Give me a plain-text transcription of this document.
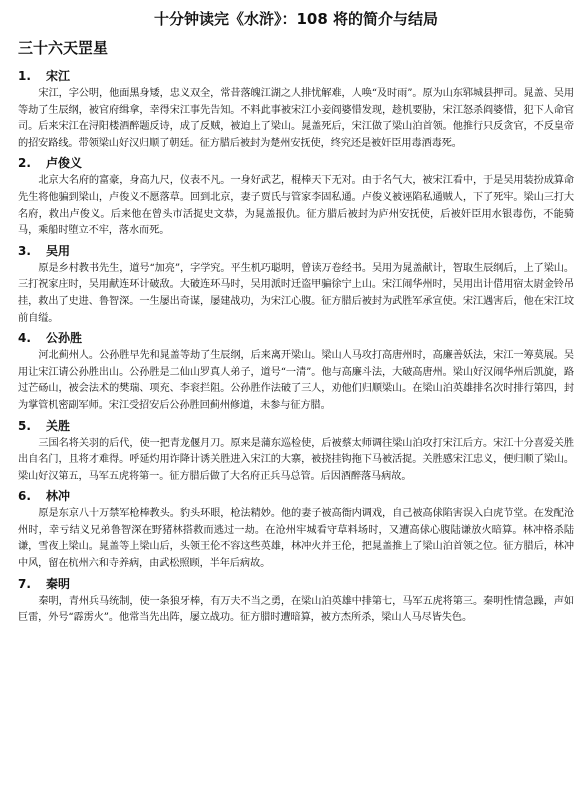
十分钟读完《水浒》：108 将的简介与结局
三十六天罡星
1. 宋江
宋江，字公明，他面黑身矮，忠义双全，常昔落魄江湖之人排忧解难，人唤“及时雨”。原为山东郓城县押司。晁盖、吴用等劫了生辰纲，被官府缉拿，幸得宋江事先告知。不料此事被宋江小妾阎婆惜发现，趁机要胁，宋江怒杀阎婆惜，犯下人命官司。后来宋江在浔阳楼酒醉题反诗，成了反贼，被迫上了梁山。晁盖死后，宋江做了梁山泊首领。他推行只反贪官，不反皇帝的招安路线。带领梁山好汉归顺了朝廷。征方腊后被封为楚州安抚使，终究还是被奸臣用毒酒毒死。
2. 卢俊义
北京大名府的富豪，身高九尺，仪表不凡。一身好武艺，棍棒天下无对。由于名气大，被宋江看中，于是吴用装扮成算命先生将他骗到梁山，卢俊义不愿落草。回到北京，妻子贾氏与管家李固私通。卢俊义被诬陷私通贼人，下了死牢。梁山三打大名府，救出卢俊义。后来他在曾头市活捉史文恭，为晁盖报仇。征方腊后被封为庐州安抚使，后被奸臣用水银毒伤，不能骑马，乘船时堕立不牢，落水而死。
3. 吴用
原是乡村教书先生，道号“加亮”，字学究。平生机巧聪明，曾读万卷经书。吴用为晁盖献计，智取生辰纲后，上了梁山。三打祝家庄时，吴用献连环计破敌。大破连环马时，吴用派时迁盗甲骗徐宁上山。宋江闹华州时，吴用出计借用宿太尉金铃吊挂，救出了史进、鲁智深。一生屡出奇谋，屡建战功，为宋江心腹。征方腊后被封为武胜军承宣使。宋江遇害后，他在宋江坟前自缢。
4. 公孙胜
河北蓟州人。公孙胜早先和晁盖等劫了生辰纲，后来离开梁山。梁山人马攻打高唐州时，高廉善妖法，宋江一筹莫展。吴用让宋江请公孙胜出山。公孙胜是二仙山罗真人弟子，道号“一清”。他与高廉斗法，大破高唐州。梁山好汉闹华州后凯旋，路过芒砀山，被会法术的樊瑞、项充、李衮拦阻。公孙胜作法破了三人，劝他们归顺梁山。在梁山泊英雄排名次时排行第四，封为掌管机密副军师。宋江受招安后公孙胜回蓟州修道，未参与征方腊。
5. 关胜
三国名将关羽的后代，使一把青龙偃月刀。原来是蒲东巡检使，后被蔡太师调往梁山泊攻打宋江后方。宋江十分喜爱关胜出自名门，且将才难得。呼延灼用诈降计诱关胜进入宋江的大寨，被挠挂钩拖下马被活捉。关胜感宋江忠义，便归顺了梁山。梁山好汉第五，马军五虎将第一。征方腊后做了大名府正兵马总管。后因酒醉落马病故。
6. 林冲
原是东京八十万禁军枪棒教头。豹头环眼，枪法精妙。他的妻子被高衙内调戏，自己被高俅陷害误入白虎节堂。在发配沧州时，幸亏结义兄弟鲁智深在野猪林搭救而逃过一劫。在沧州牢城看守草料场时，又遭高俅心腹陆谦放火暗算。林冲格杀陆谦，雪夜上梁山。晁盖等上梁山后，头领王伦不容这些英雄，林冲火并王伦，把晁盖推上了梁山泊首领之位。征方腊后，林冲中风，留在杭州六和寺养病，由武松照顾，半年后病故。
7. 秦明
秦明，青州兵马统制，使一条狼牙棒，有万夫不当之勇，在梁山泊英雄中排第七，马军五虎将第三。秦明性情急躁，声如巨雷，外号“霹雳火”。他常当先出阵，屡立战功。征方腊时遭暗算，被方杰所杀，梁山人马尽皆失色。
